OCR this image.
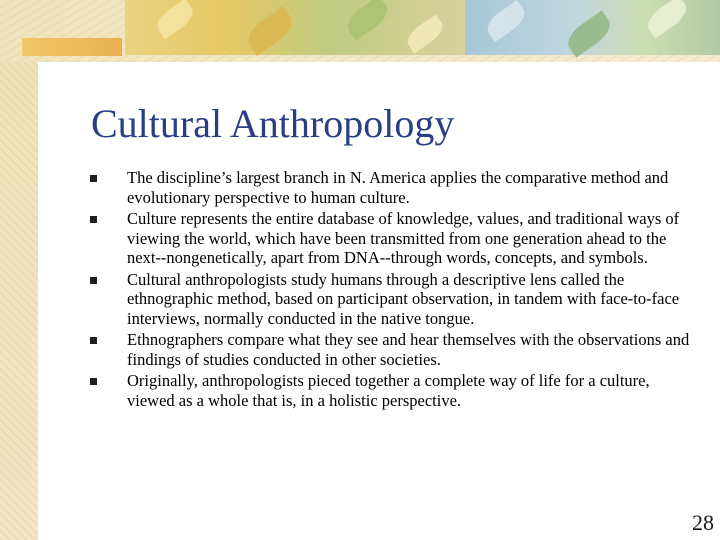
Cultural Anthropology
The discipline’s largest branch in N. America applies the comparative method and evolutionary perspective to human culture.
Culture represents the entire database of knowledge, values, and traditional ways of viewing the world, which have been transmitted from one generation ahead to the next--nongenetically, apart from DNA--through words, concepts, and symbols.
Cultural anthropologists study humans through a descriptive lens called the ethnographic method, based on participant observation, in tandem with face-to-face interviews, normally conducted in the native tongue.
Ethnographers compare what they see and hear themselves with the observations and findings of studies conducted in other societies.
Originally, anthropologists pieced together a complete way of life for a culture, viewed as a whole that is, in a holistic perspective.
28
